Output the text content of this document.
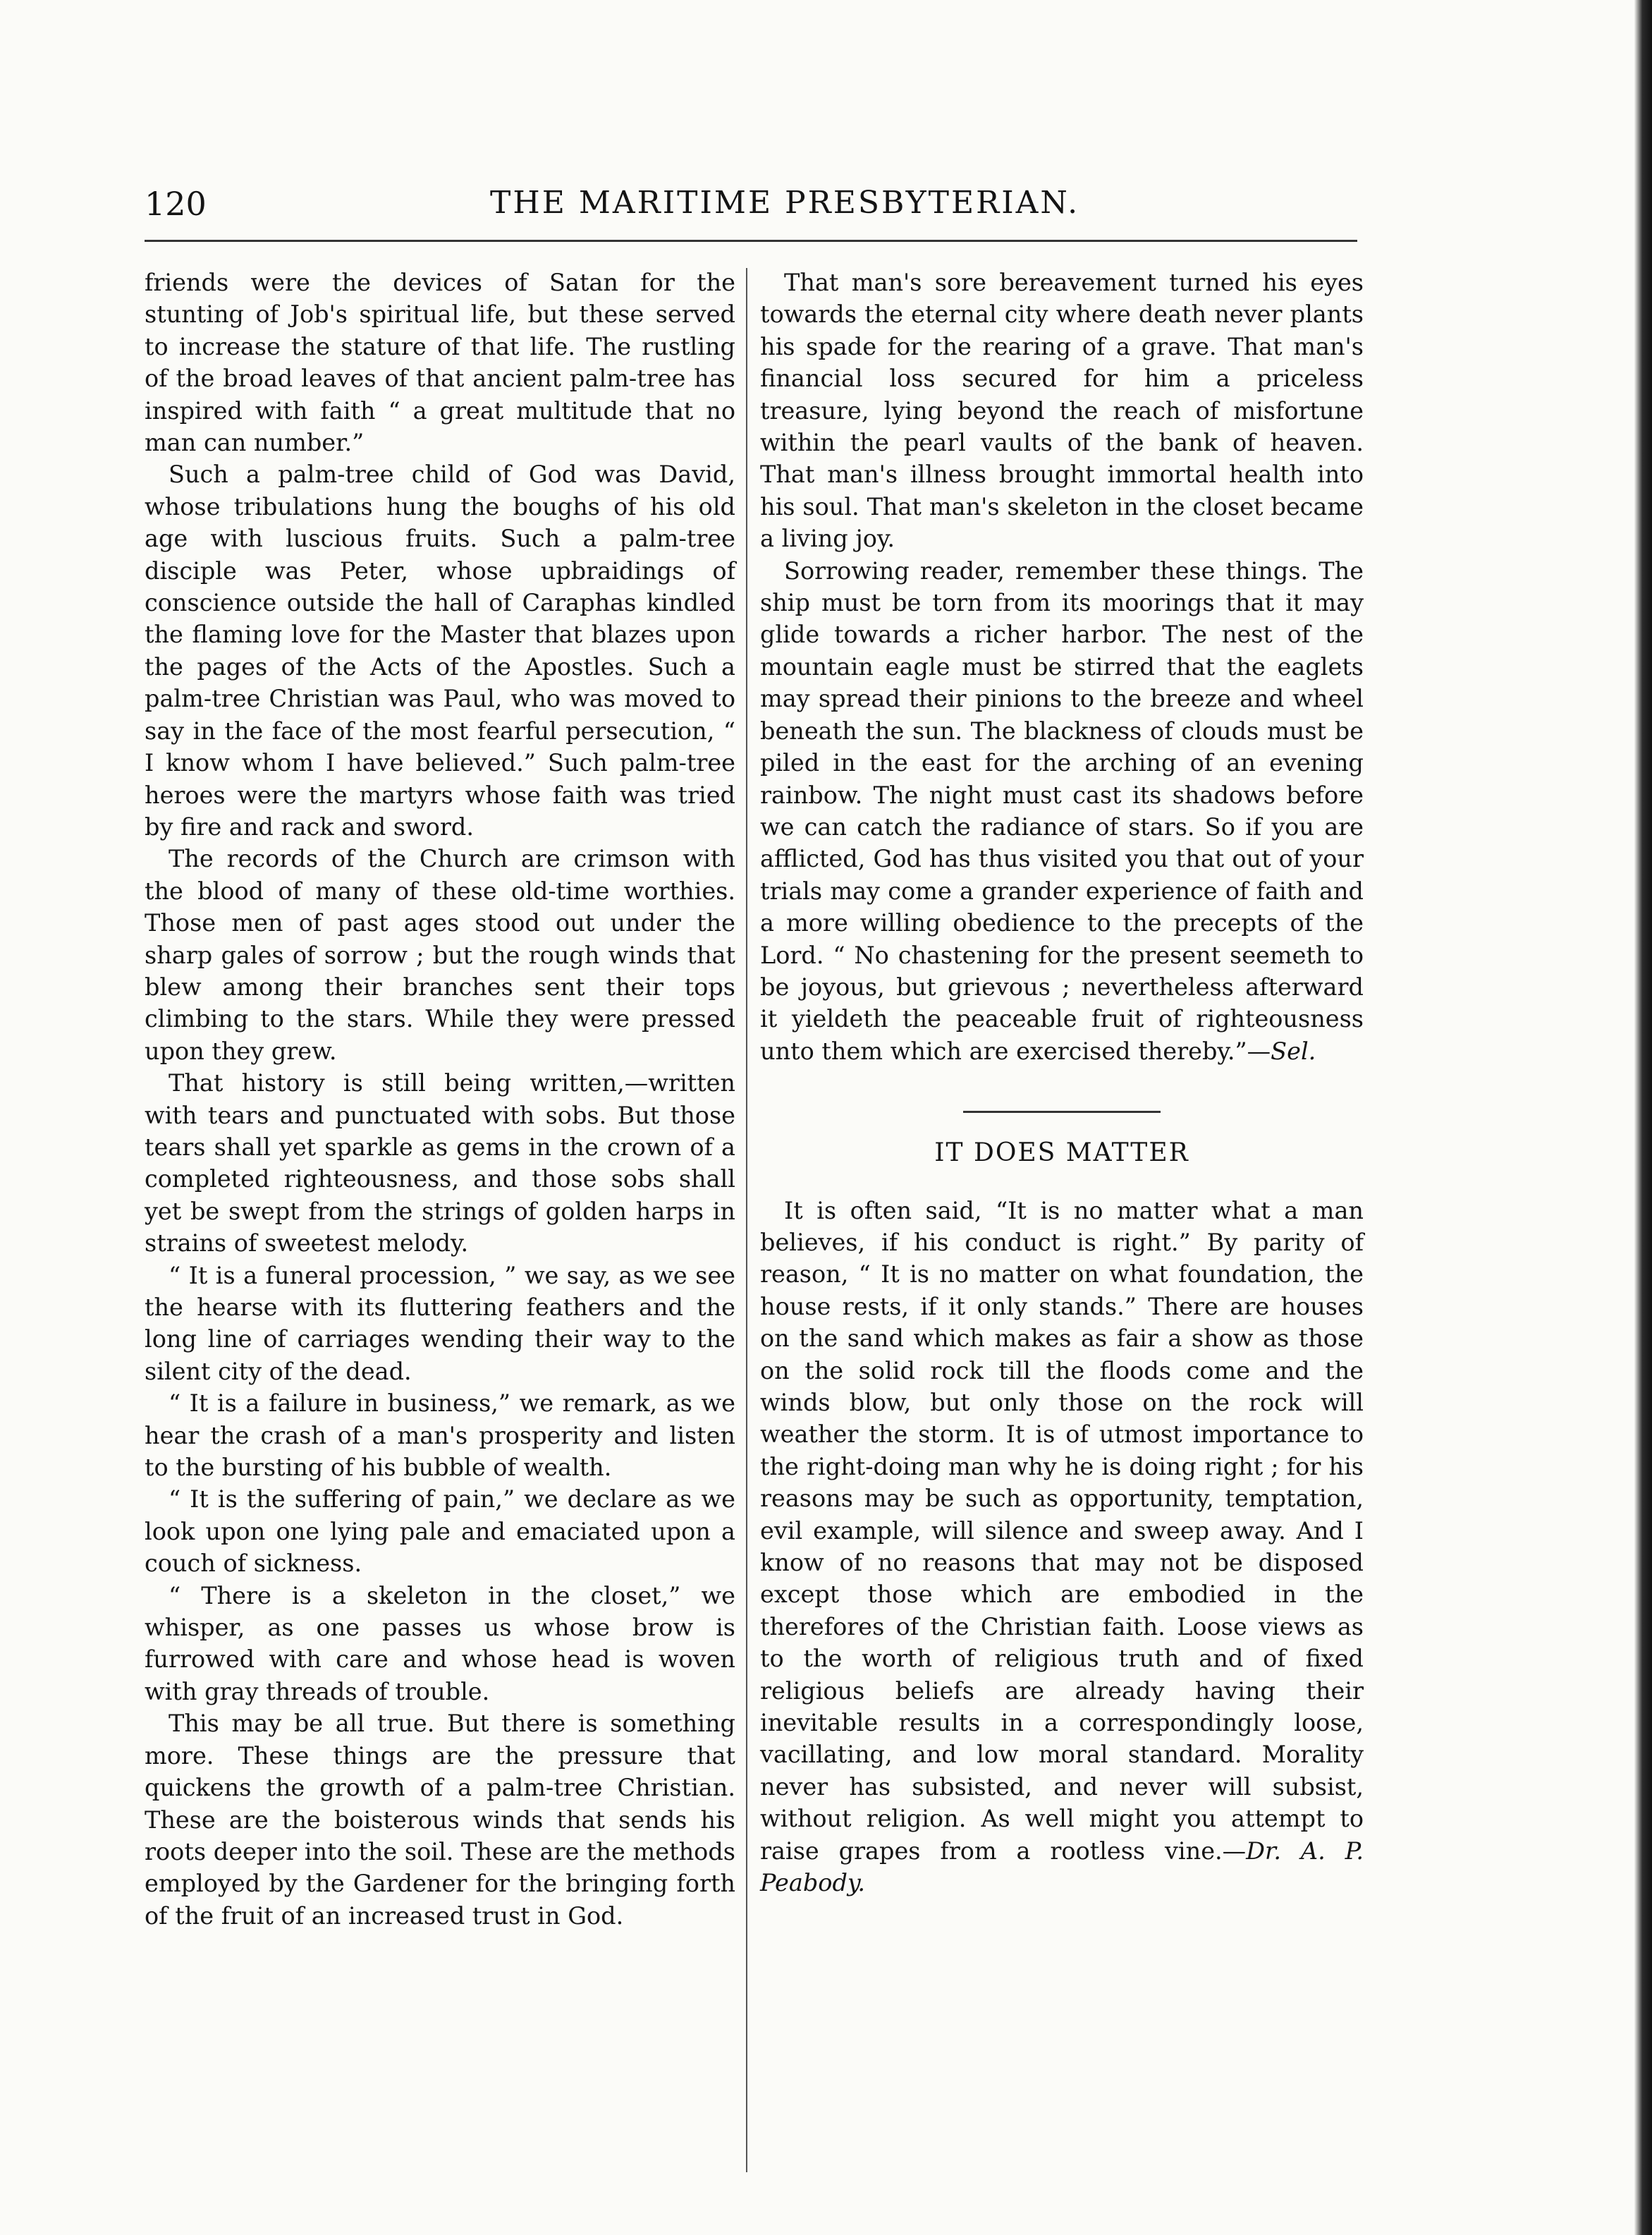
120	THE MARITIME PRESBYTERIAN.

friends were the devices of Satan for the stunting of Job's spiritual life, but these served to increase the stature of that life. The rustling of the broad leaves of that ancient palm-tree has inspired with faith “ a great multitude that no man can number.”

Such a palm-tree child of God was David, whose tribulations hung the boughs of his old age with luscious fruits. Such a palm-tree disciple was Peter, whose upbraidings of conscience outside the hall of Caraphas kindled the flaming love for the Master that blazes upon the pages of the Acts of the Apostles. Such a palm-tree Christian was Paul, who was moved to say in the face of the most fearful persecution, “ I know whom I have believed.” Such palm-tree heroes were the martyrs whose faith was tried by fire and rack and sword.

The records of the Church are crimson with the blood of many of these old-time worthies. Those men of past ages stood out under the sharp gales of sorrow ; but the rough winds that blew among their branches sent their tops climbing to the stars. While they were pressed upon they grew.

That history is still being written,—written with tears and punctuated with sobs. But those tears shall yet sparkle as gems in the crown of a completed righteousness, and those sobs shall yet be swept from the strings of golden harps in strains of sweetest melody.

“ It is a funeral procession, ” we say, as we see the hearse with its fluttering feathers and the long line of carriages wending their way to the silent city of the dead.

“ It is a failure in business,” we remark, as we hear the crash of a man's prosperity and listen to the bursting of his bubble of wealth.

“ It is the suffering of pain,” we declare as we look upon one lying pale and emaciated upon a couch of sickness.

“ There is a skeleton in the closet,” we whisper, as one passes us whose brow is furrowed with care and whose head is woven with gray threads of trouble.

This may be all true. But there is something more. These things are the pressure that quickens the growth of a palm-tree Christian. These are the boisterous winds that sends his roots deeper into the soil. These are the methods employed by the Gardener for the bringing forth of the fruit of an increased trust in God.

That man's sore bereavement turned his eyes towards the eternal city where death never plants his spade for the rearing of a grave. That man's financial loss secured for him a priceless treasure, lying beyond the reach of misfortune within the pearl vaults of the bank of heaven. That man's illness brought immortal health into his soul. That man's skeleton in the closet became a living joy.

Sorrowing reader, remember these things. The ship must be torn from its moorings that it may glide towards a richer harbor. The nest of the mountain eagle must be stirred that the eaglets may spread their pinions to the breeze and wheel beneath the sun. The blackness of clouds must be piled in the east for the arching of an evening rainbow. The night must cast its shadows before we can catch the radiance of stars. So if you are afflicted, God has thus visited you that out of your trials may come a grander experience of faith and a more willing obedience to the precepts of the Lord. “ No chastening for the present seemeth to be joyous, but grievous ; nevertheless afterward it yieldeth the peaceable fruit of righteousness unto them which are exercised thereby.”—Sel.

IT DOES MATTER

It is often said, “It is no matter what a man believes, if his conduct is right.” By parity of reason, “ It is no matter on what foundation, the house rests, if it only stands.” There are houses on the sand which makes as fair a show as those on the solid rock till the floods come and the winds blow, but only those on the rock will weather the storm. It is of utmost importance to the right-doing man why he is doing right ; for his reasons may be such as opportunity, temptation, evil example, will silence and sweep away. And I know of no reasons that may not be disposed except those which are embodied in the therefores of the Christian faith. Loose views as to the worth of religious truth and of fixed religious beliefs are already having their inevitable results in a correspondingly loose, vacillating, and low moral standard. Morality never has subsisted, and never will subsist, without religion. As well might you attempt to raise grapes from a rootless vine.—Dr. A. P. Peabody.
